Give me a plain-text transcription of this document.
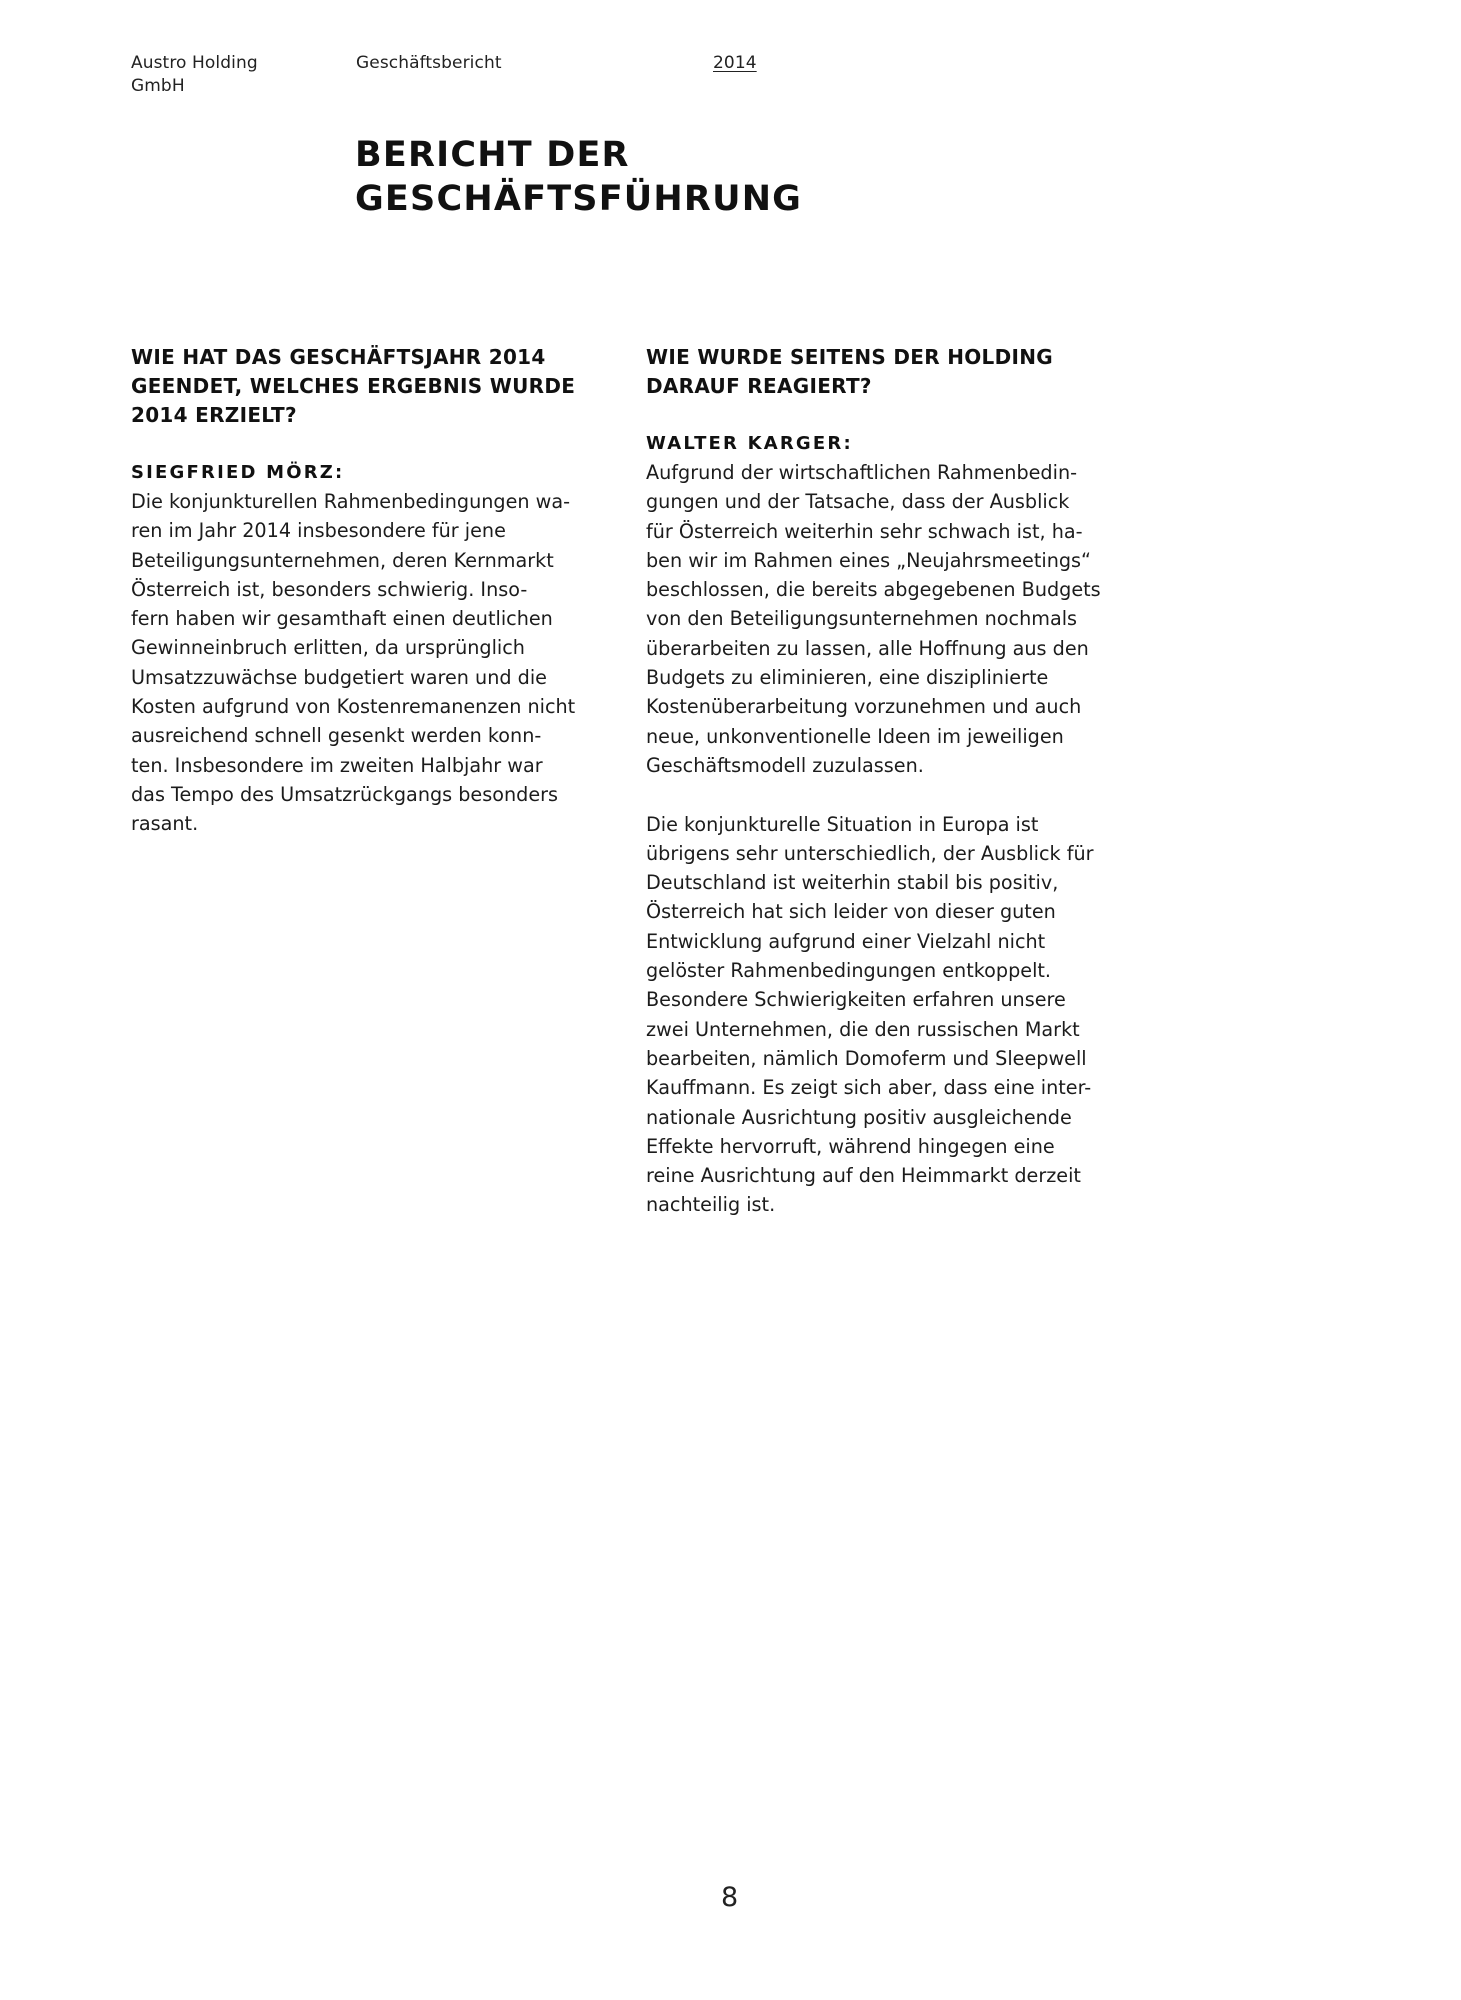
Austro Holding GmbH
Geschäftsbericht	2014
BERICHT DER
GESCHÄFTSFÜHRUNG
WIE HAT DAS GESCHÄFTSJAHR 2014
GEENDET, WELCHES ERGEBNIS WURDE
2014 ERZIELT?
SIEGFRIED MÖRZ:

Die konjunkturellen Rahmenbedingungen wa-
ren im Jahr 2014 insbesondere für jene
Beteiligungsunternehmen, deren Kernmarkt
Österreich ist, besonders schwierig. Inso-
fern haben wir gesamthaft einen deutlichen
Gewinneinbruch erlitten, da ursprünglich
Umsatzzuwächse budgetiert waren und die
Kosten aufgrund von Kostenremanenzen nicht
ausreichend schnell gesenkt werden konn-
ten. Insbesondere im zweiten Halbjahr war
das Tempo des Umsatzrückgangs besonders
rasant.

WIE WURDE SEITENS DER HOLDING
DARAUF REAGIERT?
WALTER KARGER:

Aufgrund der wirtschaftlichen Rahmenbedin-
gungen und der Tatsache, dass der Ausblick
für Österreich weiterhin sehr schwach ist, ha-
ben wir im Rahmen eines „Neujahrsmeetings“
beschlossen, die bereits abgegebenen Budgets
von den Beteiligungsunternehmen nochmals
überarbeiten zu lassen, alle Hoffnung aus den
Budgets zu eliminieren, eine disziplinierte
Kostenüberarbeitung vorzunehmen und auch
neue, unkonventionelle Ideen im jeweiligen
Geschäftsmodell zuzulassen.

Die konjunkturelle Situation in Europa ist
übrigens sehr unterschiedlich, der Ausblick für
Deutschland ist weiterhin stabil bis positiv,
Österreich hat sich leider von dieser guten
Entwicklung aufgrund einer Vielzahl nicht
gelöster Rahmenbedingungen entkoppelt.
Besondere Schwierigkeiten erfahren unsere
zwei Unternehmen, die den russischen Markt
bearbeiten, nämlich Domoferm und Sleepwell
Kauffmann. Es zeigt sich aber, dass eine inter-
nationale Ausrichtung positiv ausgleichende
Effekte hervorruft, während hingegen eine
reine Ausrichtung auf den Heimmarkt derzeit
nachteilig ist.

8
